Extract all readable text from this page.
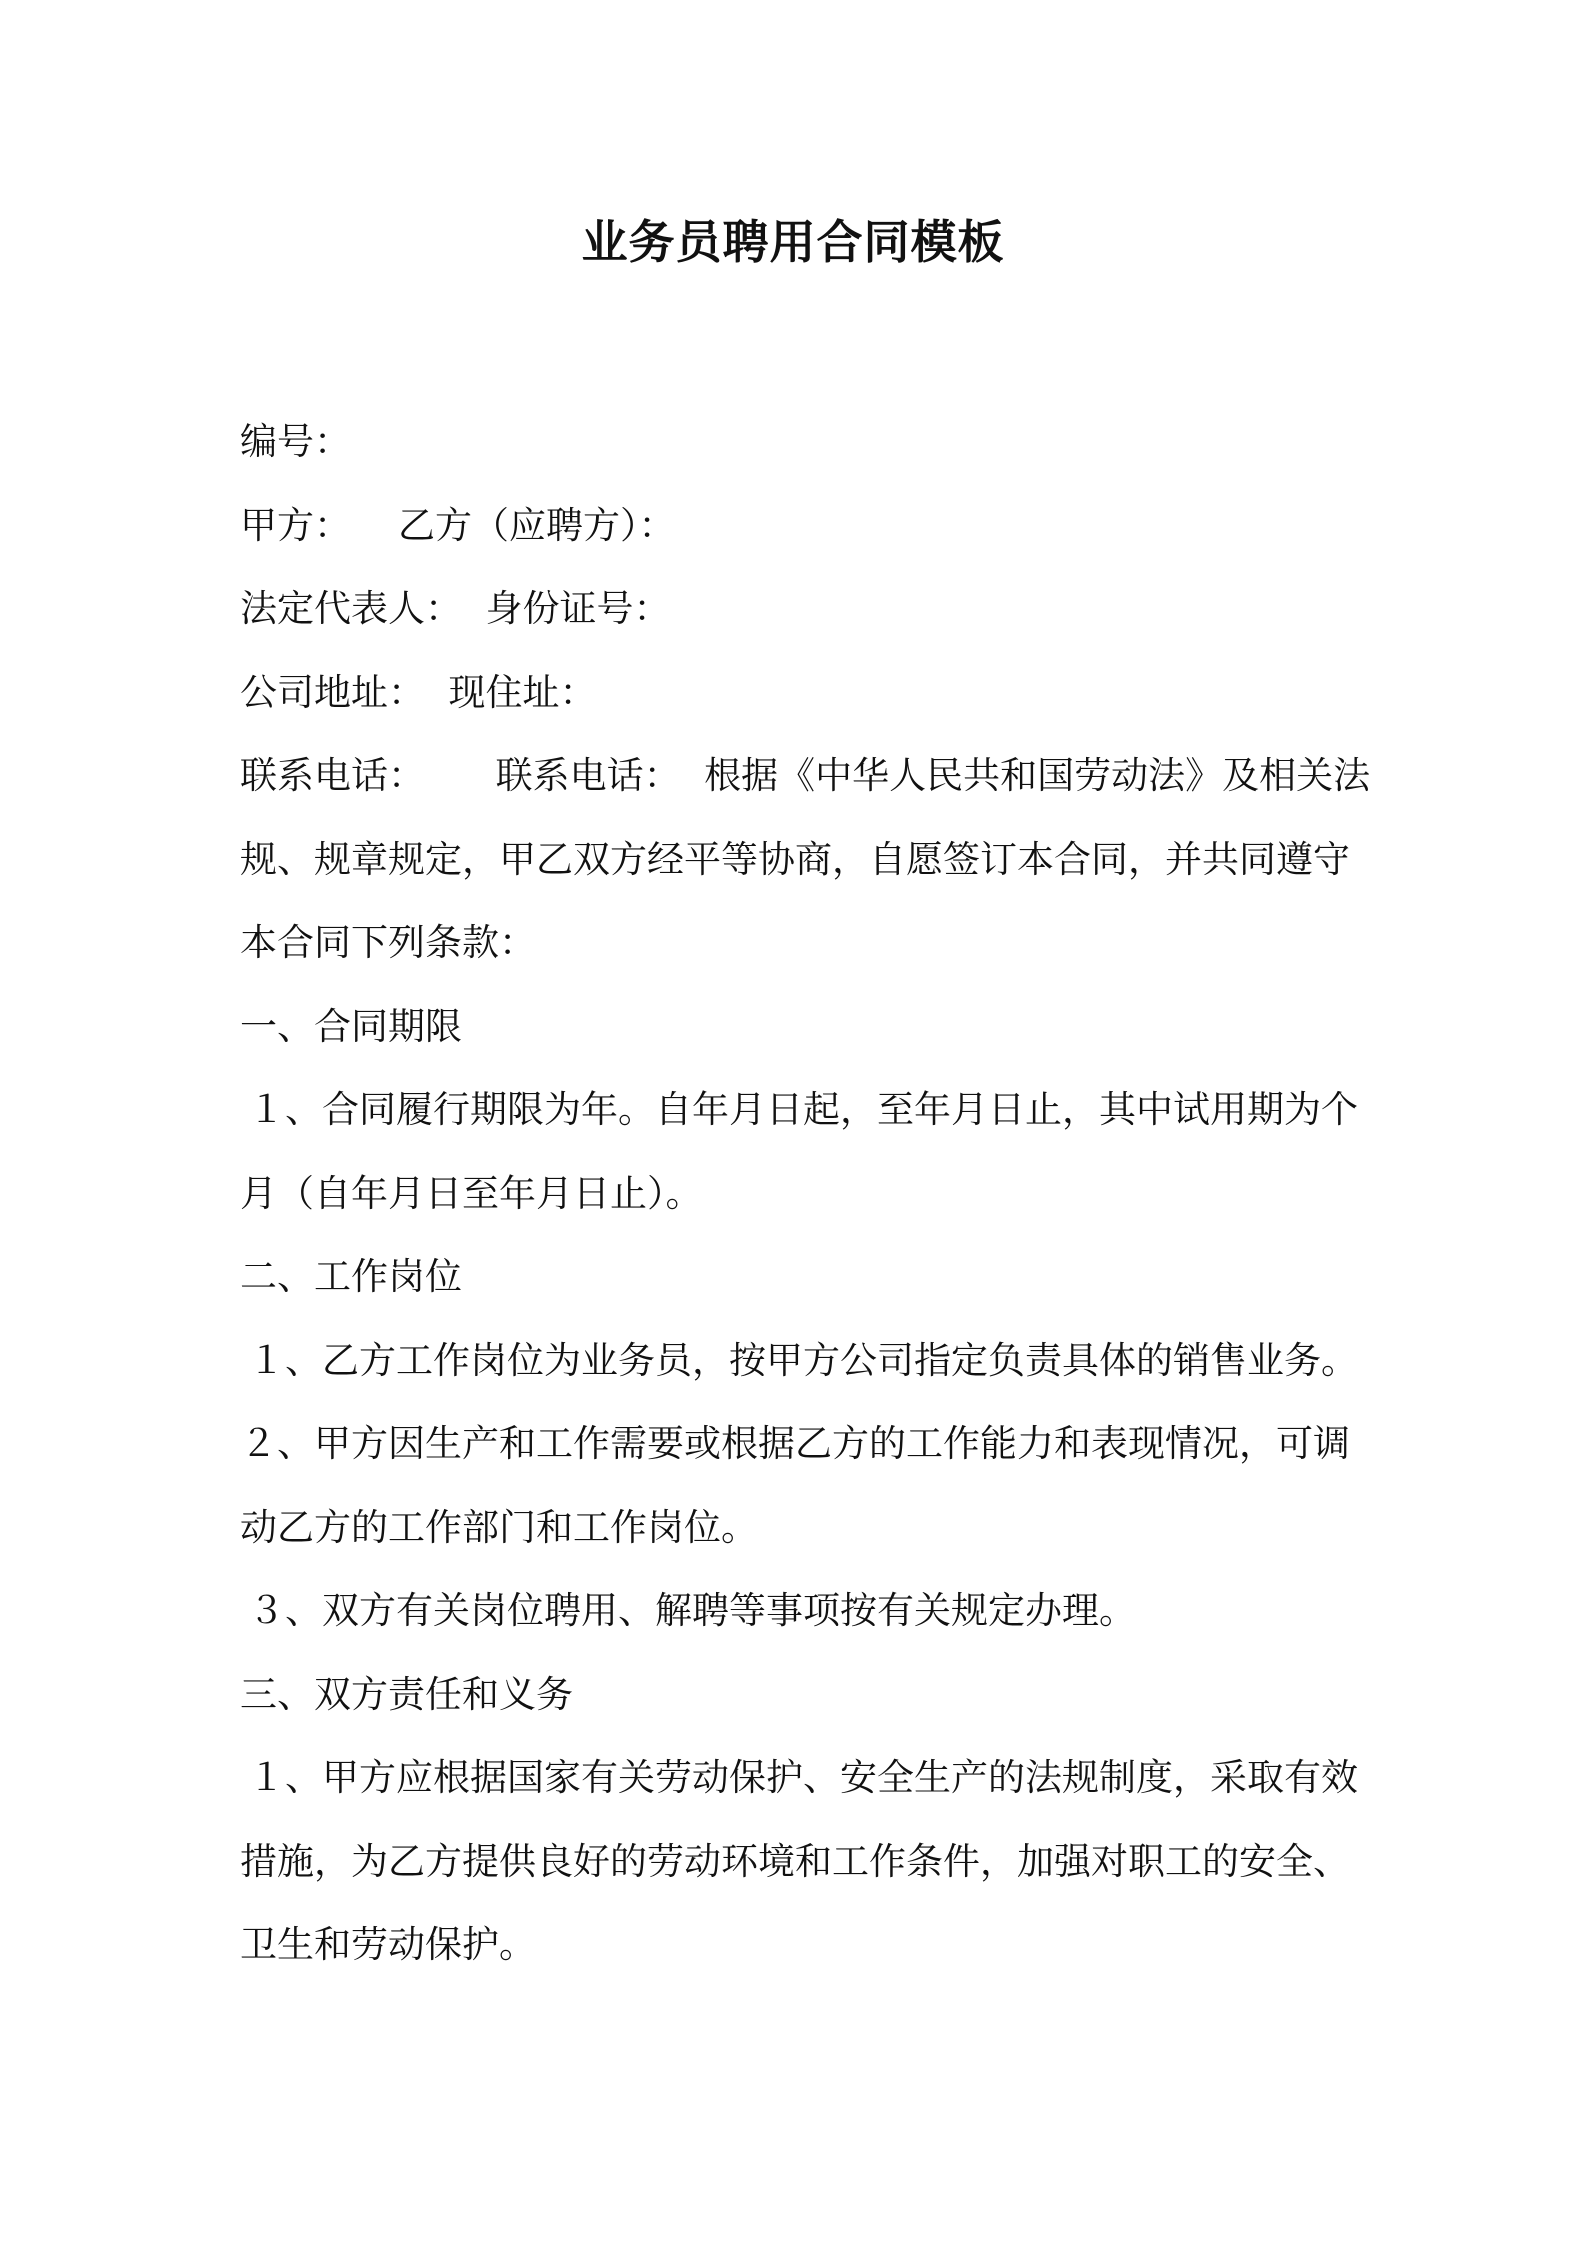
业务员聘用合同模板
编号：
甲方：    乙方（应聘方）：
法定代表人：  身份证号：
公司地址：  现住址：
联系电话：      联系电话：  根据《中华人民共和国劳动法》及相关法
规、规章规定，甲乙双方经平等协商，自愿签订本合同，并共同遵守
本合同下列条款：
一、合同期限
１、合同履行期限为年。自年月日起，至年月日止，其中试用期为个
月（自年月日至年月日止）。
二、工作岗位
１、乙方工作岗位为业务员，按甲方公司指定负责具体的销售业务。
２、甲方因生产和工作需要或根据乙方的工作能力和表现情况，可调
动乙方的工作部门和工作岗位。
３、双方有关岗位聘用、解聘等事项按有关规定办理。
三、双方责任和义务
１、甲方应根据国家有关劳动保护、安全生产的法规制度，采取有效
措施，为乙方提供良好的劳动环境和工作条件，加强对职工的安全、
卫生和劳动保护。
